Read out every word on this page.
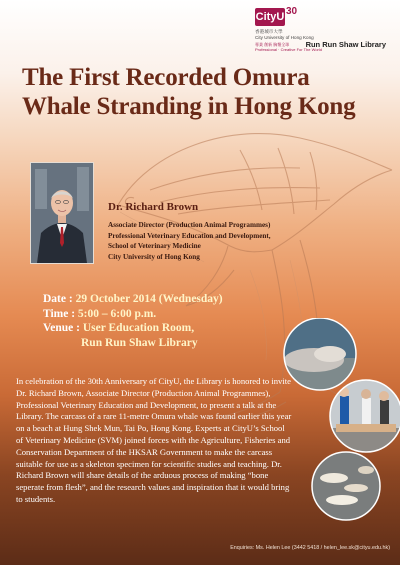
CityU 30
香港城市大學
City University of Hong Kong
專業 創新 胸懷全球
Professional · Creative For The World
Run Run Shaw Library
The First Recorded Omura Whale Stranding in Hong Kong
Dr. Richard Brown
Associate Director (Production Animal Programmes)
Professional Veterinary Education and Development,
School of Veterinary Medicine
City University of Hong Kong
Date : 29 October 2014 (Wednesday)
Time : 5:00 – 6:00 p.m.
Venue : User Education Room,
Run Run Shaw Library

In celebration of the 30th Anniversary of CityU, the Library is honored to invite Dr. Richard Brown, Associate Director (Production Animal Programmes), Professional Veterinary Education and Development, to present a talk at the Library. The carcass of a rare 11-metre Omura whale was found earlier this year on a beach at Hung Shek Mun, Tai Po, Hong Kong. Experts at CityU’s School of Veterinary Medicine (SVM) joined forces with the Agriculture, Fisheries and Conservation Department of the HKSAR Government to make the carcass suitable for use as a skeleton specimen for scientific studies and teaching. Dr. Richard Brown will share details of the arduous process of making “bone seperate from flesh”, and the research values and inspiration that it would bring to students.

Enquiries: Ms. Helen Lee (3442 5418 / helen_lee.sk@cityu.edu.hk)
